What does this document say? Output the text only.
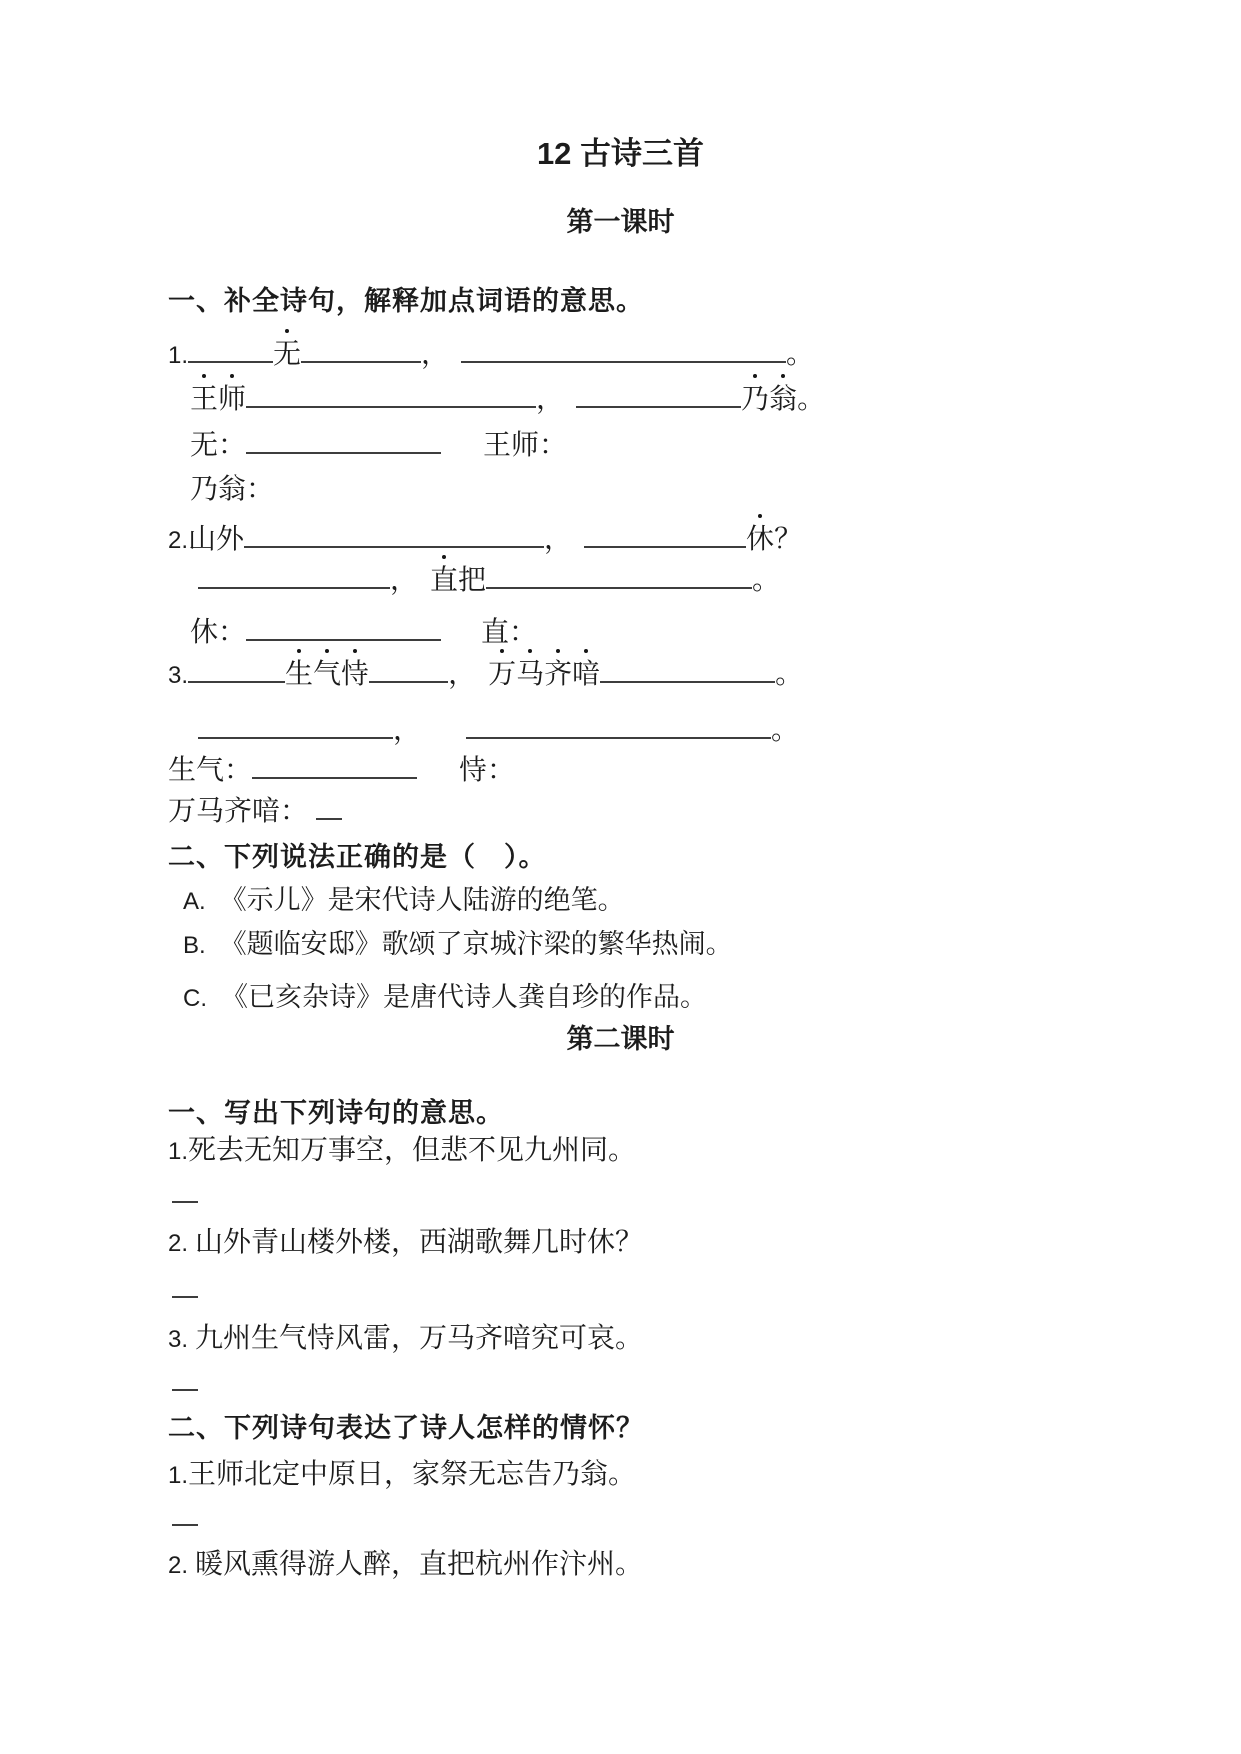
12 古诗三首
第一课时
一、补全诗句，解释加点词语的意思。
1.	无	，	。
王师	，	乃翁。
无：	王师：
乃翁：
2.山外	，	休？
， 直把	。
休：	直：
3.	生气恃	， 万马齐喑	。
，	。
生气：	恃：
万马齐喑：
二、下列说法正确的是（　）。
A. 《示儿》是宋代诗人陆游的绝笔。
B. 《题临安邸》歌颂了京城汴梁的繁华热闹。
C. 《已亥杂诗》是唐代诗人龚自珍的作品。
第二课时
一、写出下列诗句的意思。
1.死去无知万事空，但悲不见九州同。
2. 山外青山楼外楼，西湖歌舞几时休？
3. 九州生气恃风雷，万马齐喑究可哀。
二、下列诗句表达了诗人怎样的情怀？
1.王师北定中原日，家祭无忘告乃翁。
2. 暖风熏得游人醉，直把杭州作汴州。
